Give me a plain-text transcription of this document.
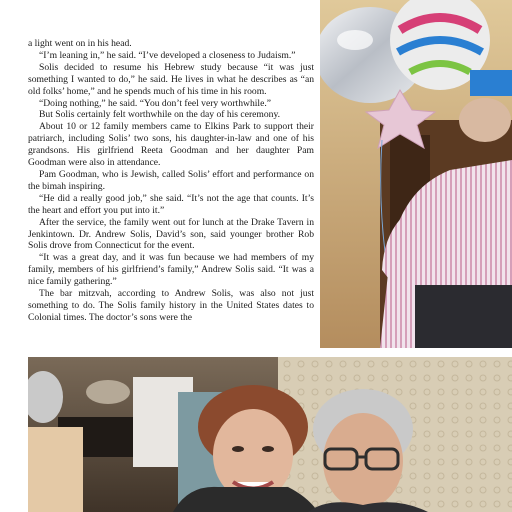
a light went on in his head.

“I’m leaning in,” he said. “I’ve developed a closeness to Judaism.”

Solis decided to resume his Hebrew study because “it was just something I wanted to do,” he said. He lives in what he describes as “an old folks’ home,” and he spends much of his time in his room.

“Doing nothing,” he said. “You don’t feel very worthwhile.”

But Solis certainly felt worthwhile on the day of his ceremony.

About 10 or 12 family members came to Elkins Park to support their patriarch, including Solis’ two sons, his daughter-in-law and one of his grandsons. His girlfriend Reeta Goodman and her daughter Pam Goodman were also in attendance.

Pam Goodman, who is Jewish, called Solis’ effort and performance on the bimah inspiring.

“He did a really good job,” she said. “It’s not the age that counts. It’s the heart and effort you put into it.”

After the service, the family went out for lunch at the Drake Tavern in Jenkintown. Dr. Andrew Solis, David’s son, said younger brother Rob Solis drove from Connecticut for the event.

“It was a great day, and it was fun because we had members of my family, members of his girlfriend’s family,” Andrew Solis said. “It was a nice family gathering.”

The bar mitzvah, according to Andrew Solis, was also not just something to do. The Solis family history in the United States dates to Colonial times. The doctor’s sons were the
